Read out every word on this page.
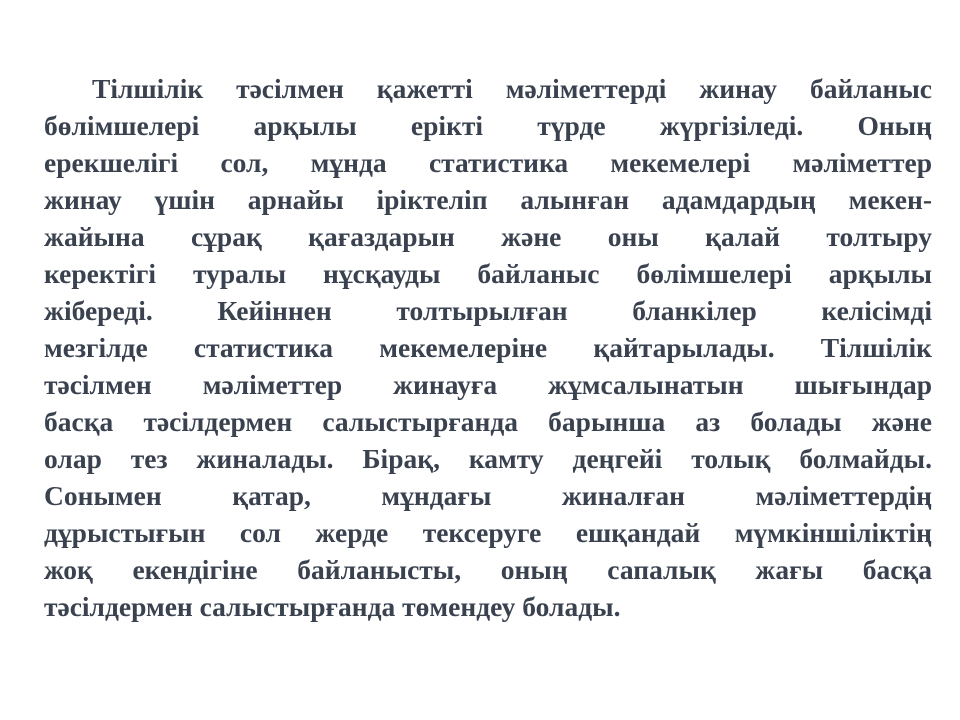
Тілшілік тәсілмен қажетті мәліметтерді жинау байланыс
бөлімшелері арқылы ерікті түрде жүргізіледі. Оның
ерекшелігі сол, мұнда статистика мекемелері мәліметтер
жинау үшін арнайы іріктеліп алынған адамдардың мекен-
жайына сұрақ қағаздарын және оны қалай толтыру
керектігі туралы нұсқауды байланыс бөлімшелері арқылы
жібереді. Кейіннен толтырылған бланкілер келісімді
мезгілде статистика мекемелеріне қайтарылады. Тілшілік
тәсілмен мәліметтер жинауға жұмсалынатын шығындар
басқа тәсілдермен салыстырғанда барынша аз болады және
олар тез жиналады. Бірақ, камту деңгейі толық болмайды.
Сонымен қатар, мұндағы жиналған мәліметтердің
дұрыстығын сол жерде тексеруге ешқандай мүмкіншіліктің
жоқ екендігіне байланысты, оның сапалық жағы басқа
тәсілдермен салыстырғанда төмендеу болады.
